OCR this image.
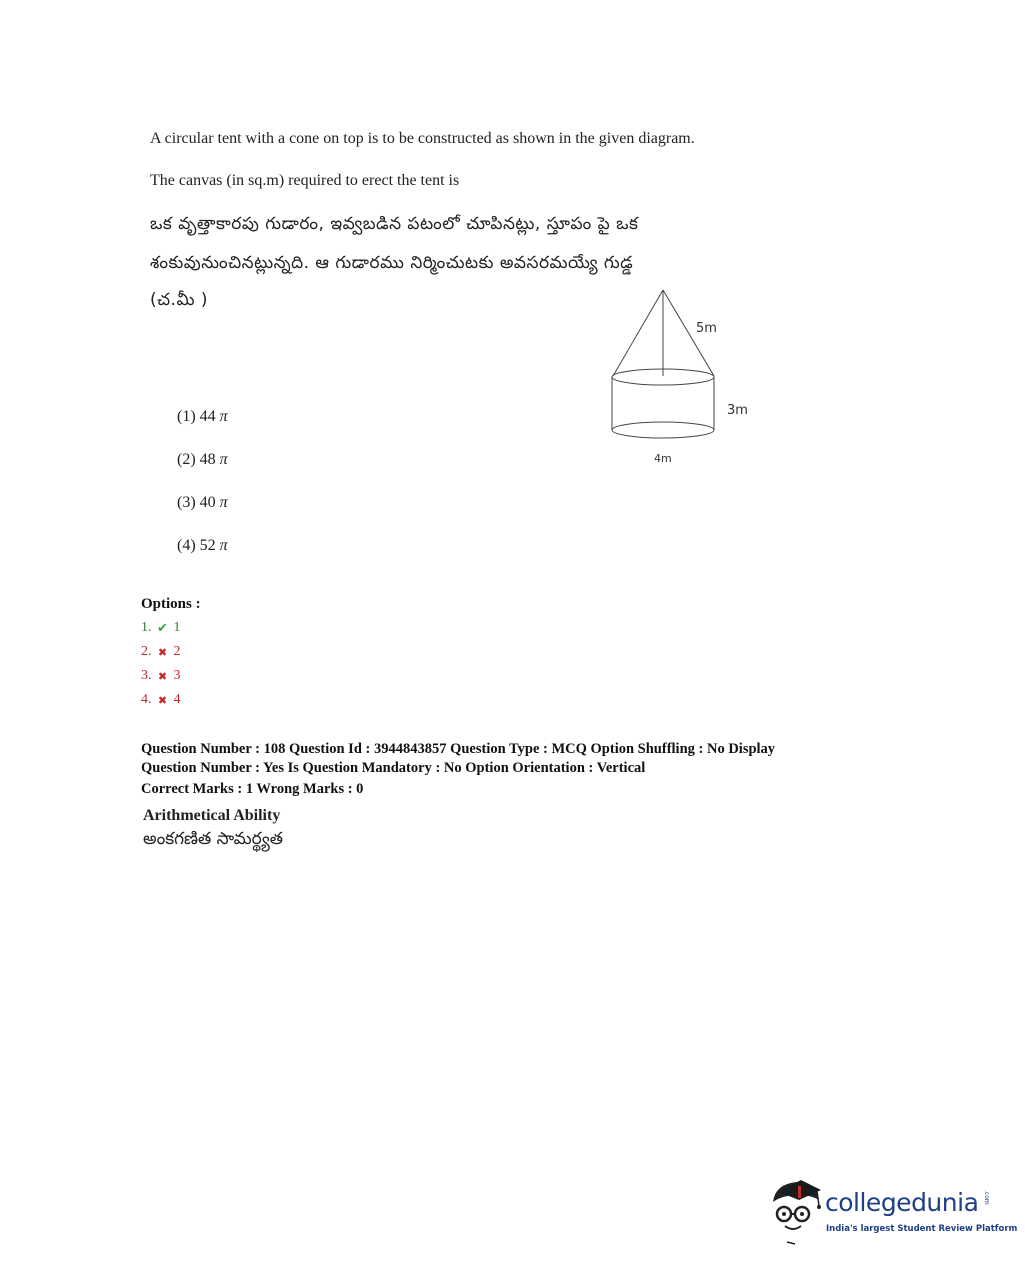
A circular tent with a cone on top is to be constructed as shown in the given diagram.
The canvas (in sq.m) required to erect the tent is
ఒక వృత్తాకారపు గుడారం, ఇవ్వబడిన పటంలో చూపినట్లు, స్తూపం పై ఒక
శంకువునుంచినట్లున్నది. ఆ గుడారము నిర్మించుటకు అవసరమయ్యే గుడ్డ
(చ.మీ )
5m
3m
4m
(1) 44 π
(2) 48 π
(3) 40 π
(4) 52 π
Options :
1. ✔ 1
2. ✖ 2
3. ✖ 3
4. ✖ 4
Question Number : 108 Question Id : 3944843857 Question Type : MCQ Option Shuffling : No Display
Question Number : Yes Is Question Mandatory : No Option Orientation : Vertical
Correct Marks : 1 Wrong Marks : 0
Arithmetical Ability
అంకగణిత సామర్థ్యత
collegedunia .com
India's largest Student Review Platform
